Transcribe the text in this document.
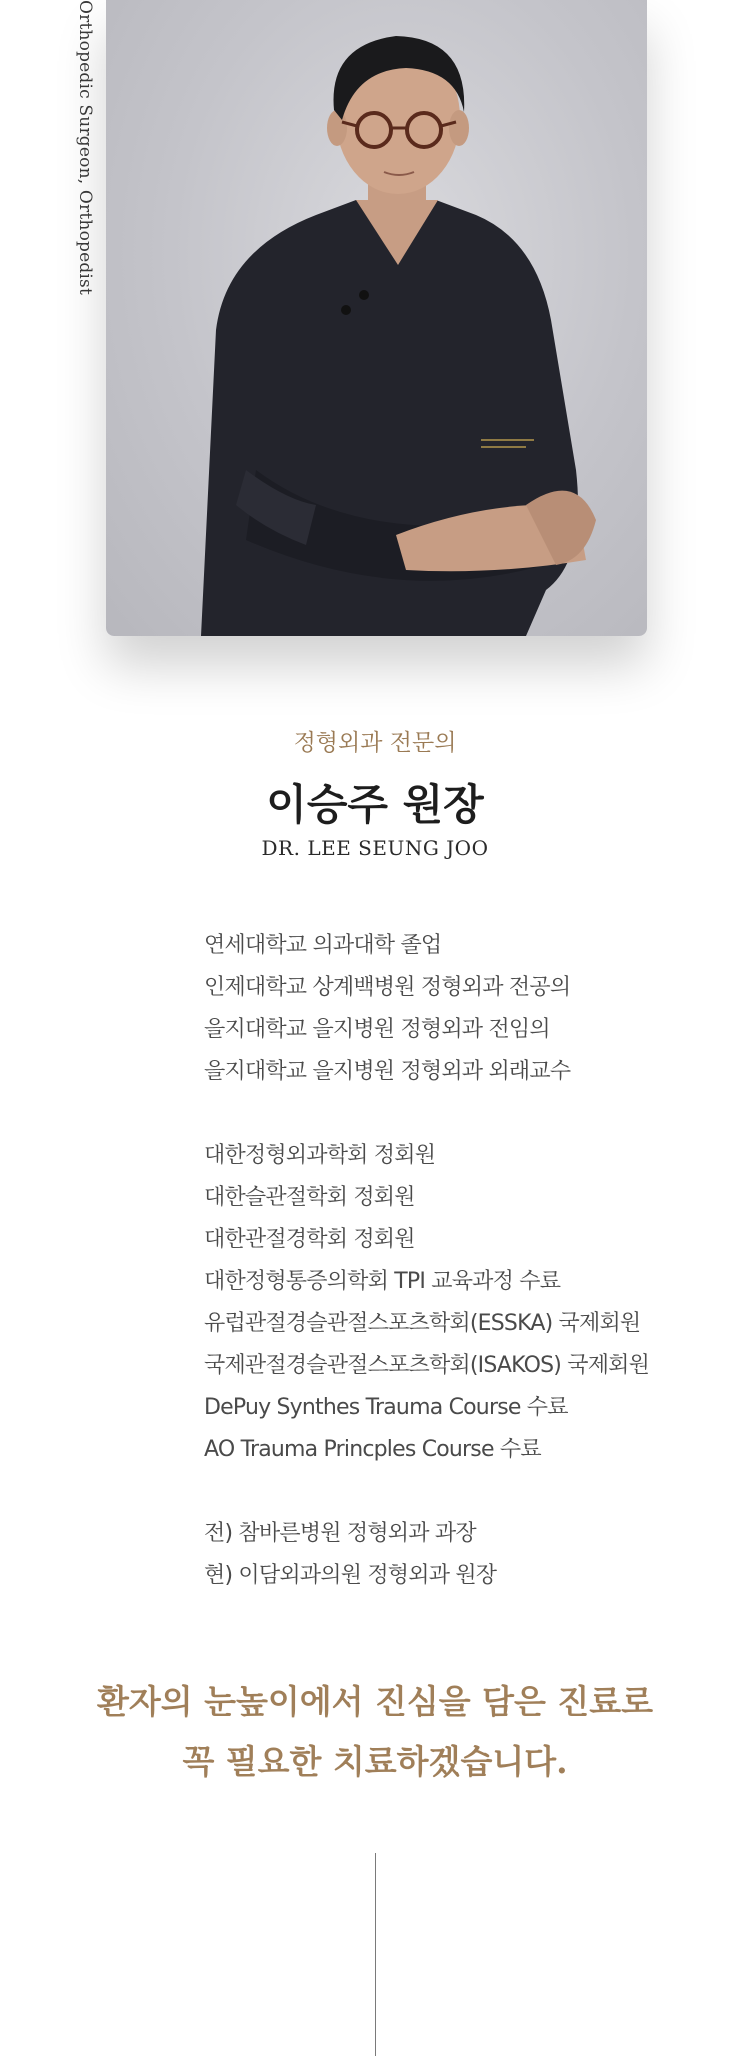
Orthopedic Surgeon, Orthopedist
정형외과 전문의
이승주 원장
DR. LEE SEUNG JOO
연세대학교 의과대학 졸업
인제대학교 상계백병원 정형외과 전공의
을지대학교 을지병원 정형외과 전임의
을지대학교 을지병원 정형외과 외래교수
대한정형외과학회 정회원
대한슬관절학회 정회원
대한관절경학회 정회원
대한정형통증의학회 TPI 교육과정 수료
유럽관절경슬관절스포츠학회(ESSKA) 국제회원
국제관절경슬관절스포츠학회(ISAKOS) 국제회원
DePuy Synthes Trauma Course 수료
AO Trauma Princples Course 수료
전) 참바른병원 정형외과 과장
현) 이담외과의원 정형외과 원장
환자의 눈높이에서 진심을 담은 진료로
꼭 필요한 치료하겠습니다.
